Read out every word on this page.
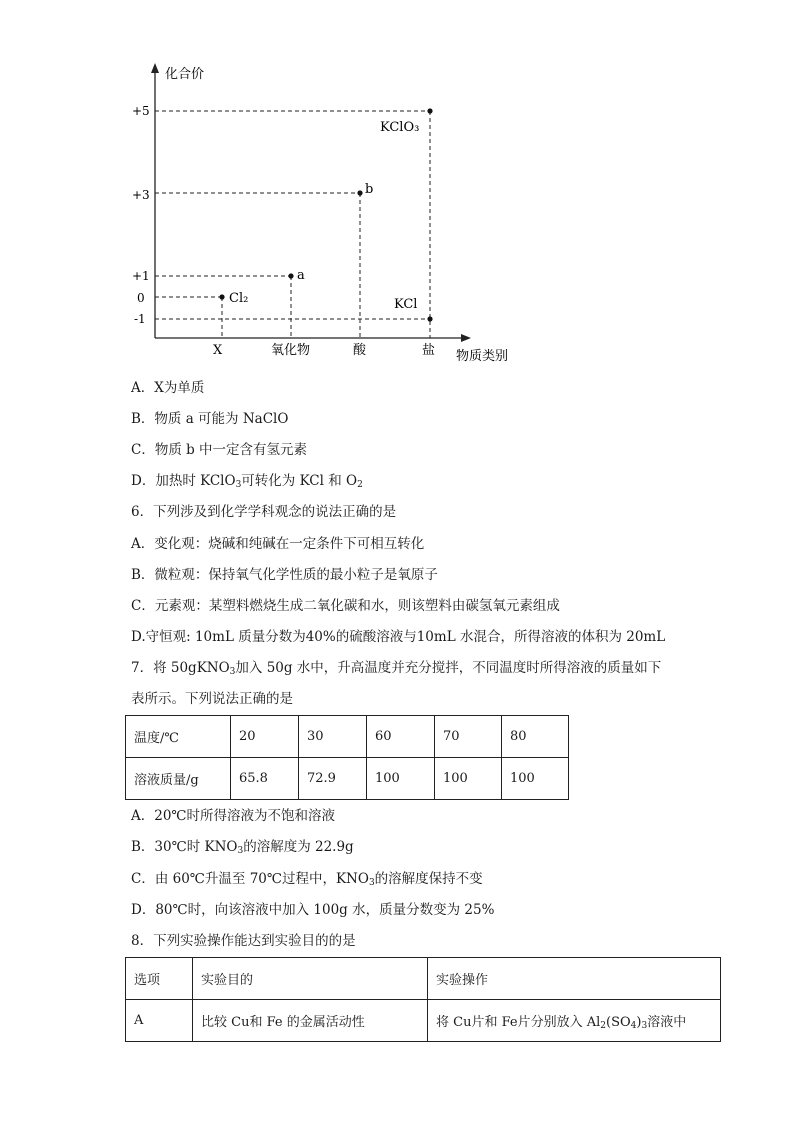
化合价
物质类别
+5
+3
+1
0
-1
Cl₂
a
b
KClO₃
KCl
X	氧化物	酸	盐
A．X为单质
B．物质 a 可能为 NaClO
C．物质 b 中一定含有氢元素
D．加热时 KClO$_3$可转化为 KCl 和 $O_2$
6．下列涉及到化学学科观念的说法正确的是
A．变化观：烧碱和纯碱在一定条件下可相互转化
B．微粒观：保持氧气化学性质的最小粒子是氧原子
C．元素观：某塑料燃烧生成二氧化碳和水，则该塑料由碳氢氧元素组成
D.守恒观: 10mL 质量分数为40%的硫酸溶液与10mL 水混合，所得溶液的体积为 20mL
7．将 50gKNO$_3$加入 50g 水中，升高温度并充分搅拌，不同温度时所得溶液的质量如下
表所示。下列说法正确的是
温度/℃	20	30	60	70	80
溶液质量/g	65.8	72.9	100	100	100
A．20℃时所得溶液为不饱和溶液
B．30℃时 $KNO_3$的溶解度为 22.9g
C．由 60℃升温至 70℃过程中，$KNO_3$的溶解度保持不变
D．80℃时，向该溶液中加入 100g 水，质量分数变为 25%
8．下列实验操作能达到实验目的的是
选项	实验目的	实验操作
A	比较 Cu和 Fe 的金属活动性	将 Cu片和 Fe片分别放入 $Al_2(SO_4)_3$溶液中
